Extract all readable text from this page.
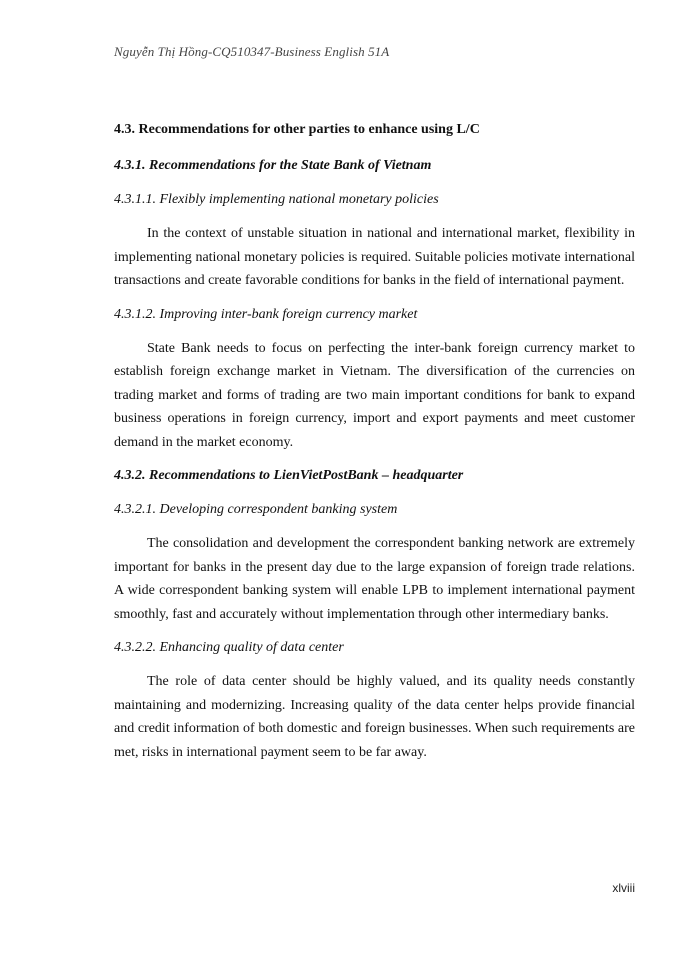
Nguyễn Thị Hồng-CQ510347-Business English 51A
4.3. Recommendations for other parties to enhance using L/C
4.3.1. Recommendations for the State Bank of Vietnam
4.3.1.1. Flexibly implementing national monetary policies

In the context of unstable situation in national and international market, flexibility in implementing national monetary policies is required. Suitable policies motivate international transactions and create favorable conditions for banks in the field of international payment.

4.3.1.2. Improving inter-bank foreign currency market

State Bank needs to focus on perfecting the inter-bank foreign currency market to establish foreign exchange market in Vietnam. The diversification of the currencies on trading market and forms of trading are two main important conditions for bank to expand business operations in foreign currency, import and export payments and meet customer demand in the market economy.

4.3.2. Recommendations to LienVietPostBank – headquarter
4.3.2.1. Developing correspondent banking system

The consolidation and development the correspondent banking network are extremely important for banks in the present day due to the large expansion of foreign trade relations. A wide correspondent banking system will enable LPB to implement international payment smoothly, fast and accurately without implementation through other intermediary banks.

4.3.2.2. Enhancing quality of data center

The role of data center should be highly valued, and its quality needs constantly maintaining and modernizing. Increasing quality of the data center helps provide financial and credit information of both domestic and foreign businesses. When such requirements are met, risks in international payment seem to be far away.

xlviii
